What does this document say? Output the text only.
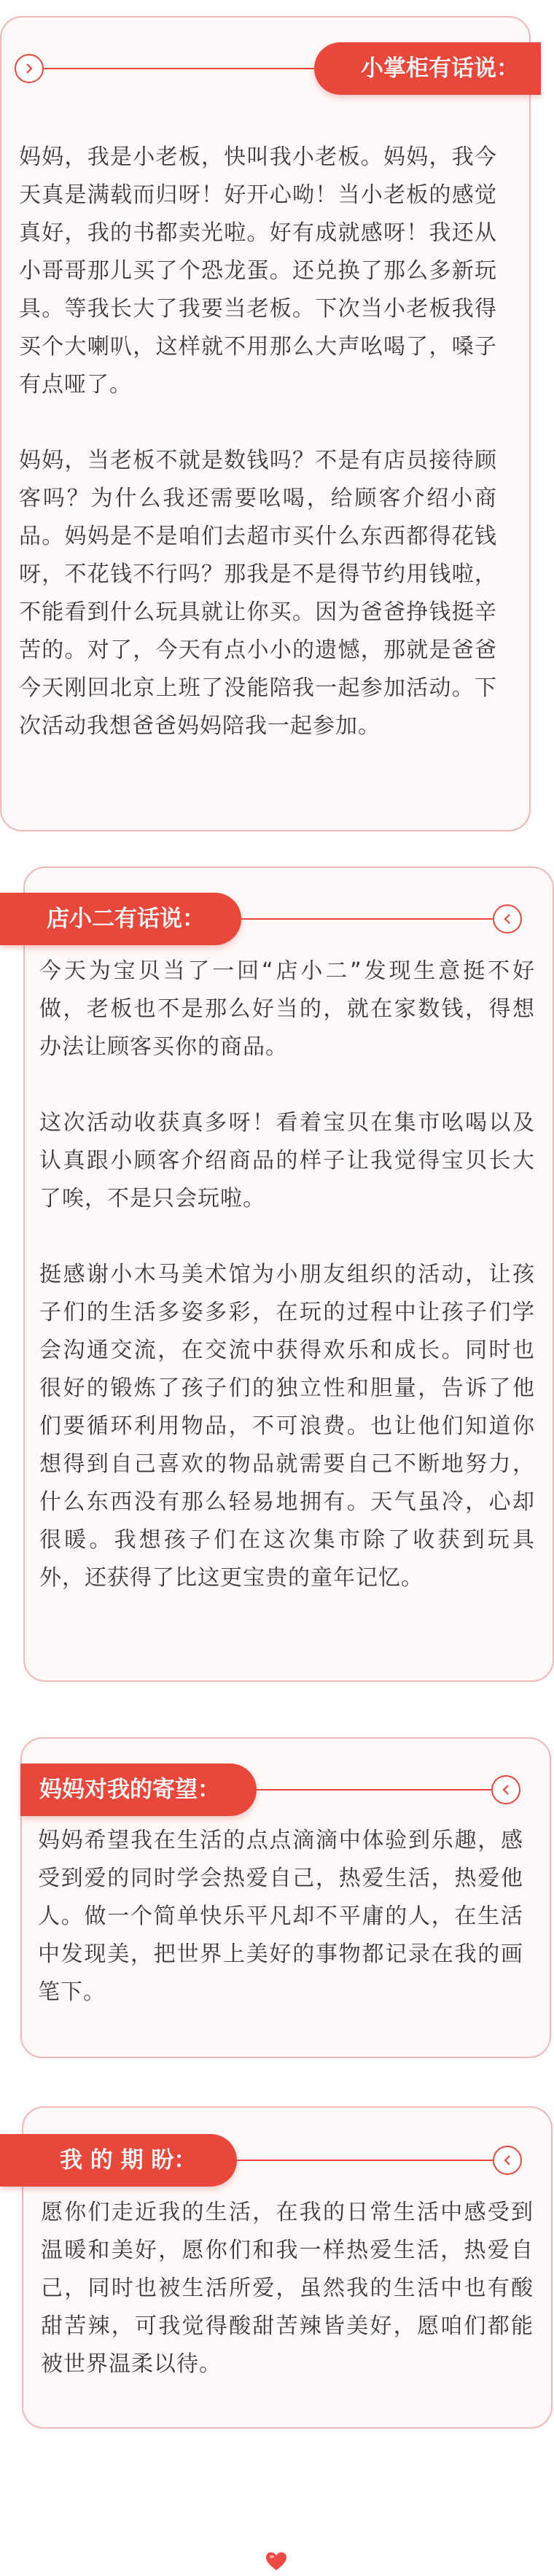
妈妈，我是小老板，快叫我小老板。妈妈，我今天真是满载而归呀！好开心呦！当小老板的感觉真好，我的书都卖光啦。好有成就感呀！我还从小哥哥那儿买了个恐龙蛋。还兑换了那么多新玩具。等我长大了我要当老板。下次当小老板我得买个大喇叭，这样就不用那么大声吆喝了，嗓子有点哑了。

妈妈，当老板不就是数钱吗？不是有店员接待顾客吗？为什么我还需要吆喝，给顾客介绍小商品。妈妈是不是咱们去超市买什么东西都得花钱呀，不花钱不行吗？那我是不是得节约用钱啦，不能看到什么玩具就让你买。因为爸爸挣钱挺辛苦的。对了，今天有点小小的遗憾，那就是爸爸今天刚回北京上班了没能陪我一起参加活动。下次活动我想爸爸妈妈陪我一起参加。

小掌柜有话说：

今天为宝贝当了一回“店小二”发现生意挺不好做，老板也不是那么好当的，就在家数钱，得想办法让顾客买你的商品。

这次活动收获真多呀！看着宝贝在集市吆喝以及认真跟小顾客介绍商品的样子让我觉得宝贝长大了唉，不是只会玩啦。

挺感谢小木马美术馆为小朋友组织的活动，让孩子们的生活多姿多彩，在玩的过程中让孩子们学会沟通交流，在交流中获得欢乐和成长。同时也很好的锻炼了孩子们的独立性和胆量，告诉了他们要循环利用物品，不可浪费。也让他们知道你想得到自己喜欢的物品就需要自己不断地努力，什么东西没有那么轻易地拥有。天气虽冷，心却很暖。我想孩子们在这次集市除了收获到玩具外，还获得了比这更宝贵的童年记忆。

店小二有话说：

妈妈希望我在生活的点点滴滴中体验到乐趣，感受到爱的同时学会热爱自己，热爱生活，热爱他人。做一个简单快乐平凡却不平庸的人，在生活中发现美，把世界上美好的事物都记录在我的画笔下。

妈妈对我的寄望：

愿你们走近我的生活，在我的日常生活中感受到温暖和美好，愿你们和我一样热爱生活，热爱自己，同时也被生活所爱，虽然我的生活中也有酸甜苦辣，可我觉得酸甜苦辣皆美好，愿咱们都能被世界温柔以待。

我 的 期 盼：
